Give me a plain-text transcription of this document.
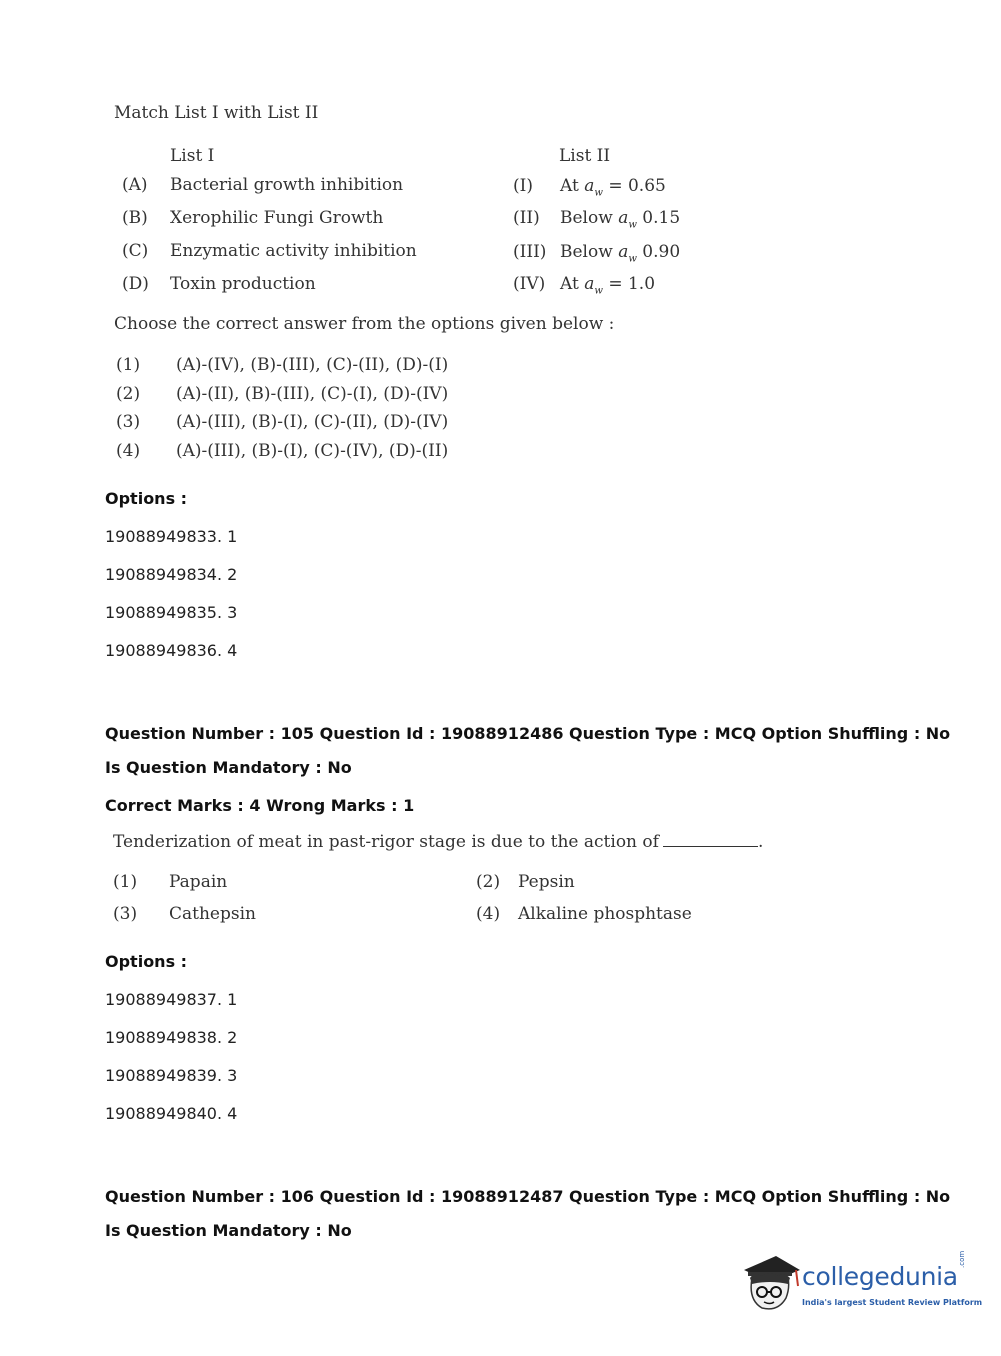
Match List I with List II
List I	List II
(A) Bacterial growth inhibition	(I) At $a_w = 0.65$
(B) Xerophilic Fungi Growth	(II) Below $a_w$ 0.15
(C) Enzymatic activity inhibition	(III) Below $a_w$ 0.90
(D) Toxin production	(IV) At $a_w = 1.0$
Choose the correct answer from the options given below :
(1) (A)-(IV), (B)-(III), (C)-(II), (D)-(I)
(2) (A)-(II), (B)-(III), (C)-(I), (D)-(IV)
(3) (A)-(III), (B)-(I), (C)-(II), (D)-(IV)
(4) (A)-(III), (B)-(I), (C)-(IV), (D)-(II)
Options :
19088949833. 1
19088949834. 2
19088949835. 3
19088949836. 4
Question Number : 105 Question Id : 19088912486 Question Type : MCQ Option Shuffling : No
Is Question Mandatory : No
Correct Marks : 4 Wrong Marks : 1
Tenderization of meat in past-rigor stage is due to the action of	.
(1) Papain	(2) Pepsin
(3) Cathepsin	(4) Alkaline phosphtase
Options :
19088949837. 1
19088949838. 2
19088949839. 3
19088949840. 4
Question Number : 106 Question Id : 19088912487 Question Type : MCQ Option Shuffling : No
Is Question Mandatory : No
collegedunia
.com
India's largest Student Review Platform
